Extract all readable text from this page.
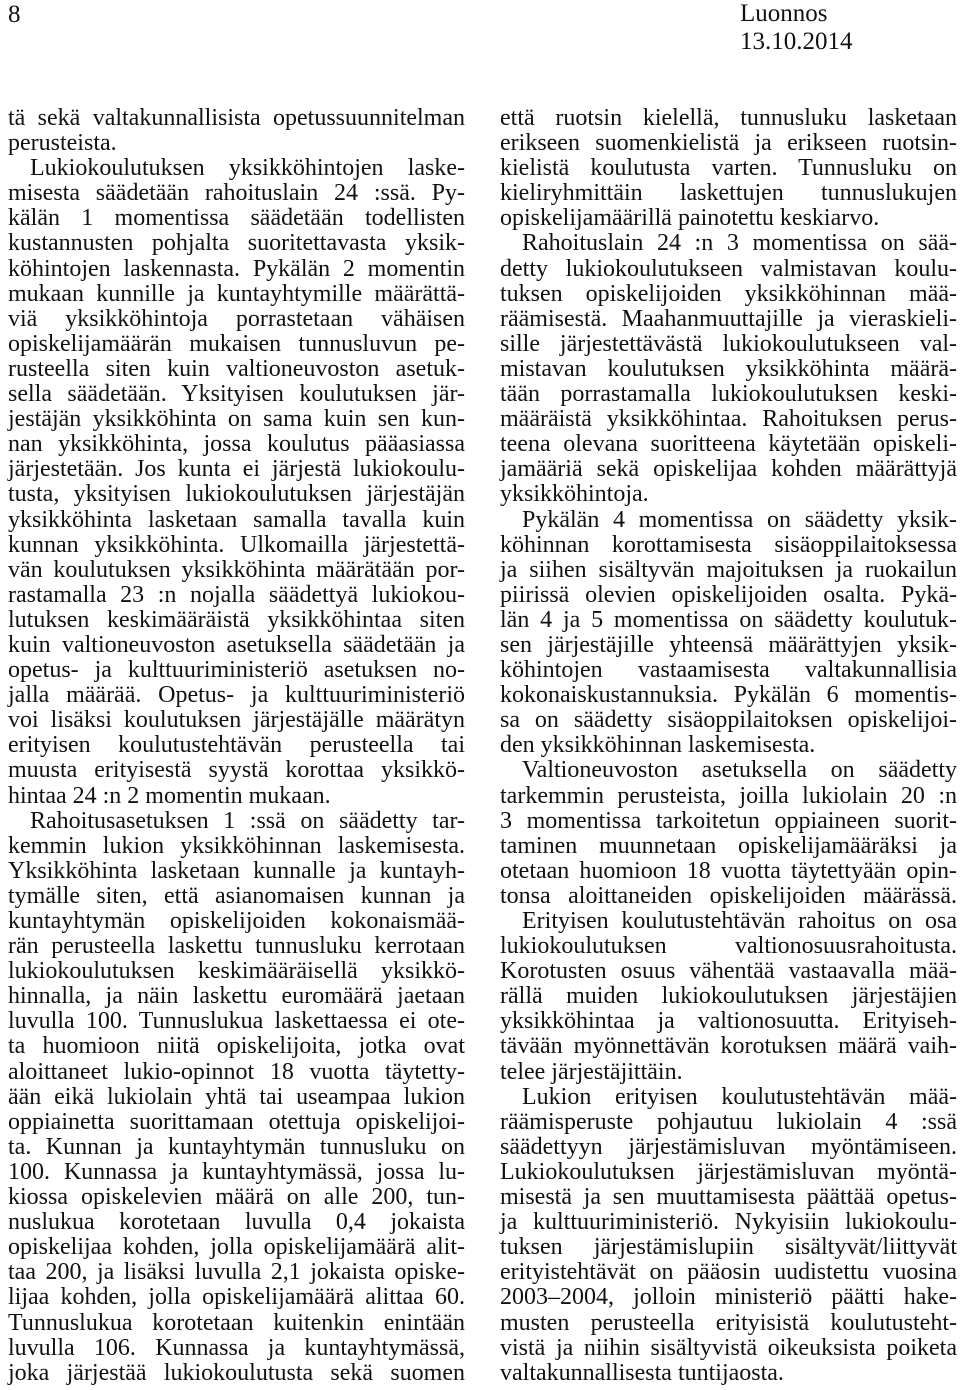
8	Luonnos
13.10.2014
tä sekä valtakunnallisista opetussuunnitelman
perusteista.
Lukiokoulutuksen yksikköhintojen laske-
misesta säädetään rahoituslain 24 :ssä. Py-
kälän 1 momentissa säädetään todellisten
kustannusten pohjalta suoritettavasta yksik-
köhintojen laskennasta. Pykälän 2 momentin
mukaan kunnille ja kuntayhtymille määrättä-
viä yksikköhintoja porrastetaan vähäisen
opiskelijamäärän mukaisen tunnusluvun pe-
rusteella siten kuin valtioneuvoston asetuk-
sella säädetään. Yksityisen koulutuksen jär-
jestäjän yksikköhinta on sama kuin sen kun-
nan yksikköhinta, jossa koulutus pääasiassa
järjestetään. Jos kunta ei järjestä lukiokoulu-
tusta, yksityisen lukiokoulutuksen järjestäjän
yksikköhinta lasketaan samalla tavalla kuin
kunnan yksikköhinta. Ulkomailla järjestettä-
vän koulutuksen yksikköhinta määrätään por-
rastamalla 23 :n nojalla säädettyä lukiokou-
lutuksen keskimääräistä yksikköhintaa siten
kuin valtioneuvoston asetuksella säädetään ja
opetus- ja kulttuuriministeriö asetuksen no-
jalla määrää. Opetus- ja kulttuuriministeriö
voi lisäksi koulutuksen järjestäjälle määrätyn
erityisen koulutustehtävän perusteella tai
muusta erityisestä syystä korottaa yksikkö-
hintaa 24 :n 2 momentin mukaan.
Rahoitusasetuksen 1 :ssä on säädetty tar-
kemmin lukion yksikköhinnan laskemisesta.
Yksikköhinta lasketaan kunnalle ja kuntayh-
tymälle siten, että asianomaisen kunnan ja
kuntayhtymän opiskelijoiden kokonaismää-
rän perusteella laskettu tunnusluku kerrotaan
lukiokoulutuksen keskimääräisellä yksikkö-
hinnalla, ja näin laskettu euromäärä jaetaan
luvulla 100. Tunnuslukua laskettaessa ei ote-
ta huomioon niitä opiskelijoita, jotka ovat
aloittaneet lukio-opinnot 18 vuotta täytetty-
ään eikä lukiolain yhtä tai useampaa lukion
oppiainetta suorittamaan otettuja opiskelijoi-
ta. Kunnan ja kuntayhtymän tunnusluku on
100. Kunnassa ja kuntayhtymässä, jossa lu-
kiossa opiskelevien määrä on alle 200, tun-
nuslukua korotetaan luvulla 0,4 jokaista
opiskelijaa kohden, jolla opiskelijamäärä alit-
taa 200, ja lisäksi luvulla 2,1 jokaista opiske-
lijaa kohden, jolla opiskelijamäärä alittaa 60.
Tunnuslukua korotetaan kuitenkin enintään
luvulla 106. Kunnassa ja kuntayhtymässä,
joka järjestää lukiokoulutusta sekä suomen
että ruotsin kielellä, tunnusluku lasketaan
erikseen suomenkielistä ja erikseen ruotsin-
kielistä koulutusta varten. Tunnusluku on
kieliryhmittäin laskettujen tunnuslukujen
opiskelijamäärillä painotettu keskiarvo.
Rahoituslain 24 :n 3 momentissa on sää-
detty lukiokoulutukseen valmistavan koulu-
tuksen opiskelijoiden yksikköhinnan mää-
räämisestä. Maahanmuuttajille ja vieraskieli-
sille järjestettävästä lukiokoulutukseen val-
mistavan koulutuksen yksikköhinta määrä-
tään porrastamalla lukiokoulutuksen keski-
määräistä yksikköhintaa. Rahoituksen perus-
teena olevana suoritteena käytetään opiskeli-
jamääriä sekä opiskelijaa kohden määrättyjä
yksikköhintoja.
Pykälän 4 momentissa on säädetty yksik-
köhinnan korottamisesta sisäoppilaitoksessa
ja siihen sisältyvän majoituksen ja ruokailun
piirissä olevien opiskelijoiden osalta. Pykä-
län 4 ja 5 momentissa on säädetty koulutuk-
sen järjestäjille yhteensä määrättyjen yksik-
köhintojen vastaamisesta valtakunnallisia
kokonaiskustannuksia. Pykälän 6 momentis-
sa on säädetty sisäoppilaitoksen opiskelijoi-
den yksikköhinnan laskemisesta.
Valtioneuvoston asetuksella on säädetty
tarkemmin perusteista, joilla lukiolain 20 :n
3 momentissa tarkoitetun oppiaineen suorit-
taminen muunnetaan opiskelijamääräksi ja
otetaan huomioon 18 vuotta täytettyään opin-
tonsa aloittaneiden opiskelijoiden määrässä.
Erityisen koulutustehtävän rahoitus on osa
lukiokoulutuksen valtionosuusrahoitusta.
Korotusten osuus vähentää vastaavalla mää-
rällä muiden lukiokoulutuksen järjestäjien
yksikköhintaa ja valtionosuutta. Erityiseh-
tävään myönnettävän korotuksen määrä vaih-
telee järjestäjittäin.
Lukion erityisen koulutustehtävän mää-
räämisperuste pohjautuu lukiolain 4 :ssä
säädettyyn järjestämisluvan myöntämiseen.
Lukiokoulutuksen järjestämisluvan myöntä-
misestä ja sen muuttamisesta päättää opetus-
ja kulttuuriministeriö. Nykyisiin lukiokoulu-
tuksen järjestämislupiin sisältyvät/liittyvät
erityistehtävät on pääosin uudistettu vuosina
2003–2004, jolloin ministeriö päätti hake-
musten perusteella erityisistä koulutusteht-
vistä ja niihin sisältyvistä oikeuksista poiketa
valtakunnallisesta tuntijaosta.
